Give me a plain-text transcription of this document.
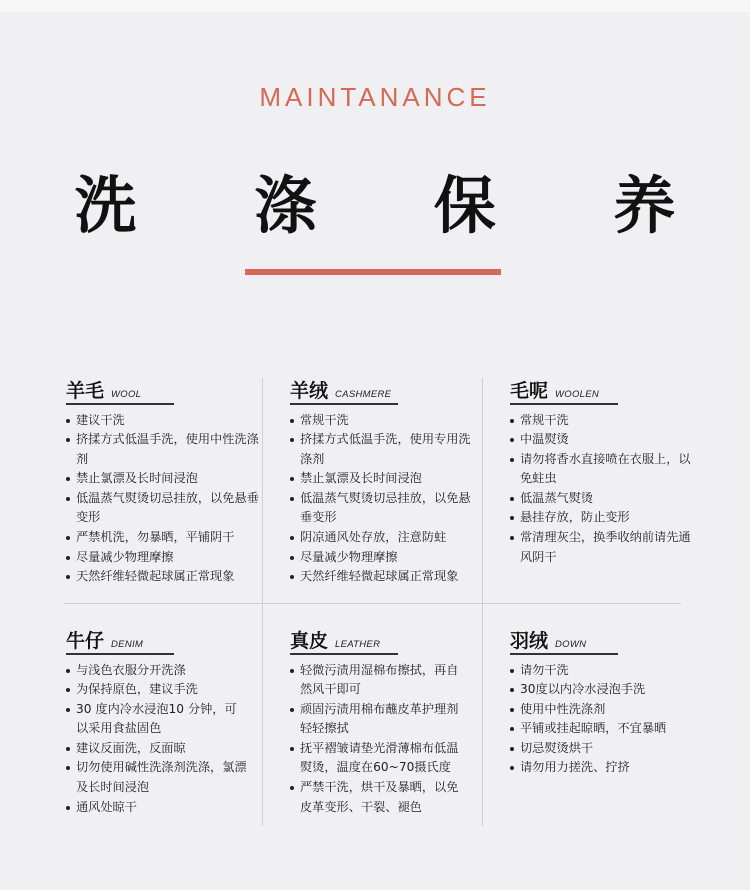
MAINTANANCE
洗 涤 保 养
羊毛 WOOL
建议干洗
挤揉方式低温手洗，使用中性洗涤剂
禁止氯漂及长时间浸泡
低温蒸气熨烫切忌挂放，以免悬垂变形
严禁机洗，勿暴晒，平铺阴干
尽量减少物理摩擦
天然纤维轻微起球属正常现象
羊绒 CASHMERE
常规干洗
挤揉方式低温手洗，使用专用洗涤剂
禁止氯漂及长时间浸泡
低温蒸气熨烫切忌挂放，以免悬垂变形
阴凉通风处存放，注意防蛀
尽量减少物理摩擦
天然纤维轻微起球属正常现象
毛呢 WOOLEN
常规干洗
中温熨烫
请勿将香水直接喷在衣服上，以免蛀虫
低温蒸气熨烫
悬挂存放，防止变形
常清理灰尘，换季收纳前请先通风阴干
牛仔 DENIM
与浅色衣服分开洗涤
为保持原色，建议手洗
30 度内冷水浸泡10 分钟，可以采用食盐固色
建议反面洗，反面晾
切勿使用碱性洗涤剂洗涤，氯漂及长时间浸泡
通风处晾干
真皮 LEATHER
轻微污渍用湿棉布擦拭，再自然风干即可
顽固污渍用棉布蘸皮革护理剂轻轻擦拭
抚平褶皱请垫光滑薄棉布低温熨烫，温度在60~70摄氏度
严禁干洗，烘干及暴晒，以免皮革变形、干裂、褪色
羽绒 DOWN
请勿干洗
30度以内冷水浸泡手洗
使用中性洗涤剂
平铺或挂起晾晒，不宜暴晒
切忌熨烫烘干
请勿用力搓洗、拧挤
